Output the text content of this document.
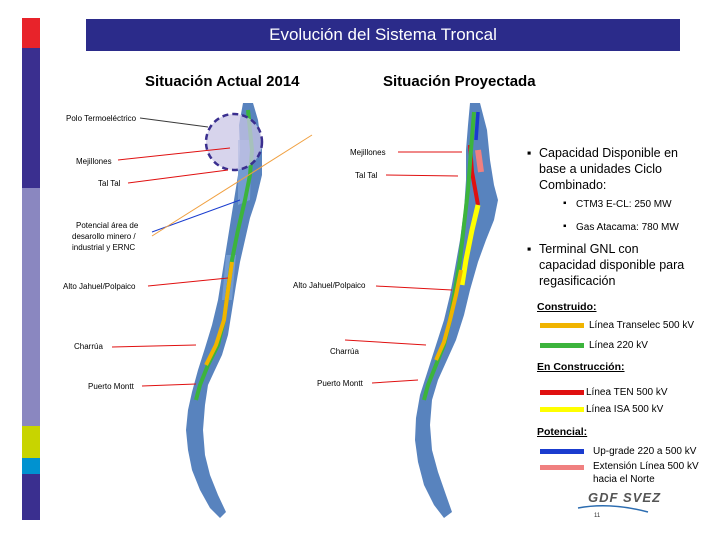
Evolución del Sistema Troncal
Situación Actual 2014	Situación Proyectada
Polo Termoeléctrico
Mejillones
Tal Tal
Potencial área de
desarollo minero /
industrial y ERNC
Alto Jahuel/Polpaico
Charrúa
Puerto Montt
Mejillones
Tal Tal
Alto Jahuel/Polpaico
Charrúa
Puerto Montt
▪ Capacidad Disponible en
base a unidades Ciclo
Combinado:
▪ CTM3 E-CL: 250 MW
▪ Gas Atacama: 780 MW
▪ Terminal GNL con
capacidad disponible para
regasificación
Construido:
Línea Transelec 500 kV
Línea 220 kV
En Construcción:
Línea TEN 500 kV
Línea ISA 500 kV
Potencial:
Up-grade 220 a 500 kV
Extensión Línea 500 kV
hacia el Norte
GDF SVEZ
11
